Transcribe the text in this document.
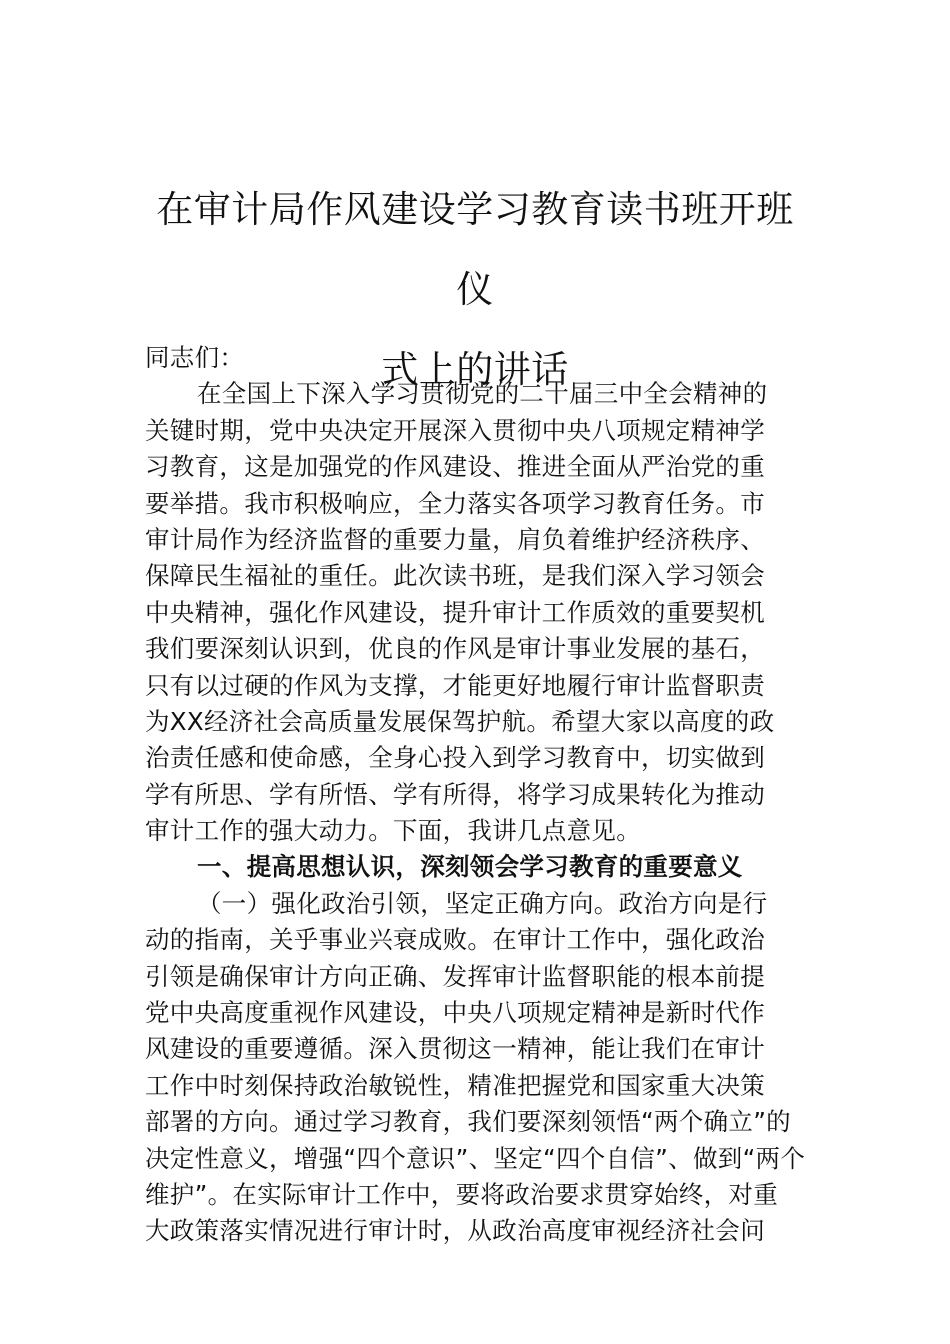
在审计局作风建设学习教育读书班开班仪
式上的讲话
同志们：
在全国上下深入学习贯彻党的二十届三中全会精神的
关键时期，党中央决定开展深入贯彻中央八项规定精神学
习教育，这是加强党的作风建设、推进全面从严治党的重
要举措。我市积极响应，全力落实各项学习教育任务。市
审计局作为经济监督的重要力量，肩负着维护经济秩序、
保障民生福祉的重任。此次读书班，是我们深入学习领会
中央精神，强化作风建设，提升审计工作质效的重要契机
我们要深刻认识到，优良的作风是审计事业发展的基石，
只有以过硬的作风为支撑，才能更好地履行审计监督职责
为XX经济社会高质量发展保驾护航。希望大家以高度的政
治责任感和使命感，全身心投入到学习教育中，切实做到
学有所思、学有所悟、学有所得，将学习成果转化为推动
审计工作的强大动力。下面，我讲几点意见。
一、提高思想认识，深刻领会学习教育的重要意义
（一）强化政治引领，坚定正确方向。政治方向是行
动的指南，关乎事业兴衰成败。在审计工作中，强化政治
引领是确保审计方向正确、发挥审计监督职能的根本前提
党中央高度重视作风建设，中央八项规定精神是新时代作
风建设的重要遵循。深入贯彻这一精神，能让我们在审计
工作中时刻保持政治敏锐性，精准把握党和国家重大决策
部署的方向。通过学习教育，我们要深刻领悟“两个确立”的
决定性意义，增强“四个意识”、坚定“四个自信”、做到“两个
维护”。在实际审计工作中，要将政治要求贯穿始终，对重
大政策落实情况进行审计时，从政治高度审视经济社会问
